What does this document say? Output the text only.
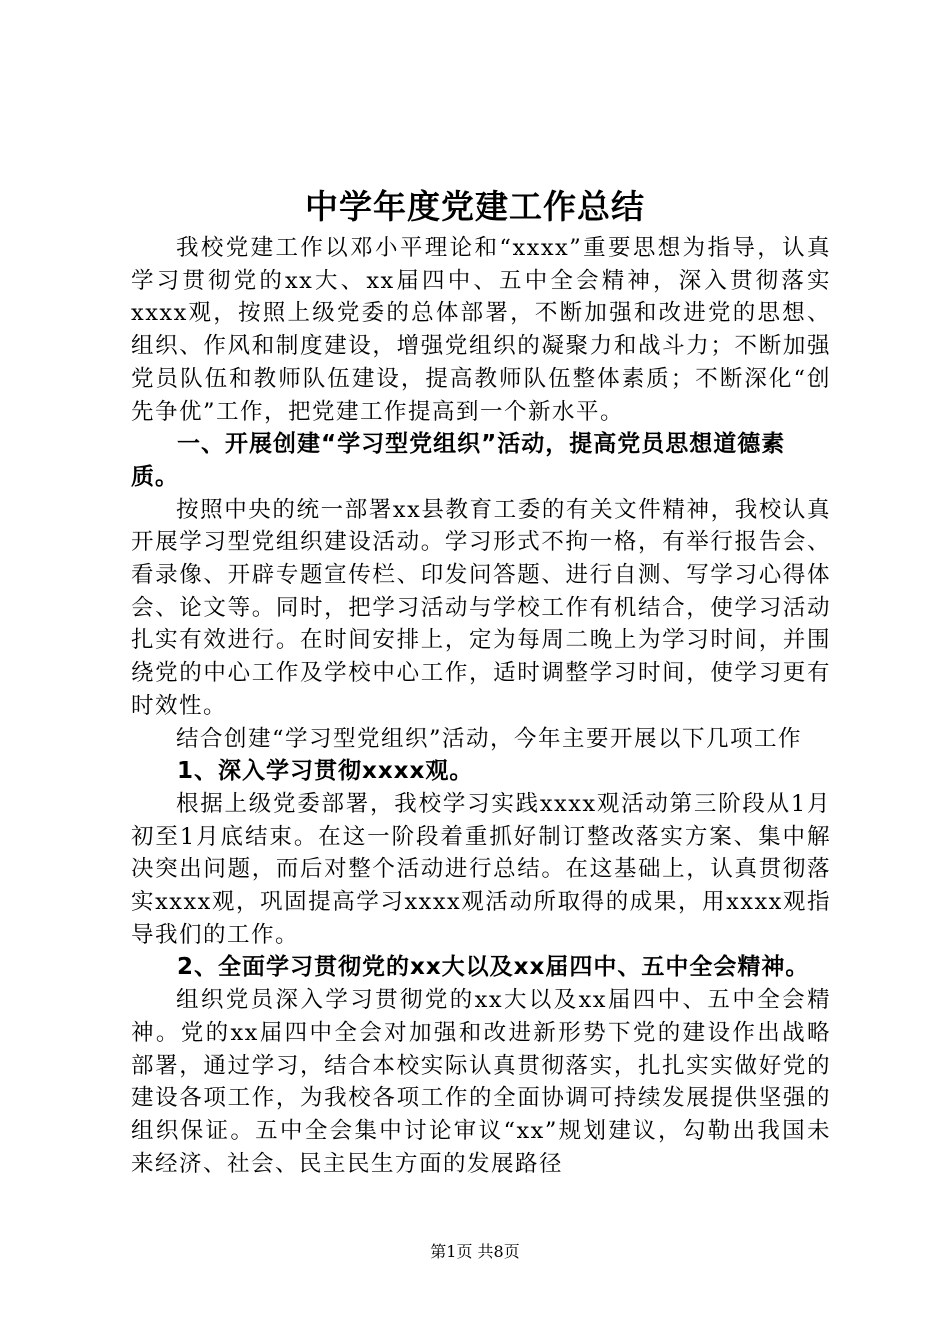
中学年度党建工作总结

我校党建工作以邓小平理论和“xxxx”重要思想为指导，认真学习贯彻党的xx大、xx届四中、五中全会精神，深入贯彻落实xxxx观，按照上级党委的总体部署，不断加强和改进党的思想、组织、作风和制度建设，增强党组织的凝聚力和战斗力；不断加强党员队伍和教师队伍建设，提高教师队伍整体素质；不断深化“创先争优”工作，把党建工作提高到一个新水平。

一、开展创建“学习型党组织”活动，提高党员思想道德素质。

按照中央的统一部署xx县教育工委的有关文件精神，我校认真开展学习型党组织建设活动。学习形式不拘一格，有举行报告会、看录像、开辟专题宣传栏、印发问答题、进行自测、写学习心得体会、论文等。同时，把学习活动与学校工作有机结合，使学习活动扎实有效进行。在时间安排上，定为每周二晚上为学习时间，并围绕党的中心工作及学校中心工作，适时调整学习时间，使学习更有时效性。

结合创建“学习型党组织”活动，今年主要开展以下几项工作

1、深入学习贯彻xxxx观。

根据上级党委部署，我校学习实践xxxx观活动第三阶段从1月初至1月底结束。在这一阶段着重抓好制订整改落实方案、集中解决突出问题，而后对整个活动进行总结。在这基础上，认真贯彻落实xxxx观，巩固提高学习xxxx观活动所取得的成果，用xxxx观指导我们的工作。

2、全面学习贯彻党的xx大以及xx届四中、五中全会精神。

组织党员深入学习贯彻党的xx大以及xx届四中、五中全会精神。党的xx届四中全会对加强和改进新形势下党的建设作出战略部署，通过学习，结合本校实际认真贯彻落实，扎扎实实做好党的建设各项工作，为我校各项工作的全面协调可持续发展提供坚强的组织保证。五中全会集中讨论审议“xx”规划建议，勾勒出我国未来经济、社会、民主民生方面的发展路径

第1页 共8页
